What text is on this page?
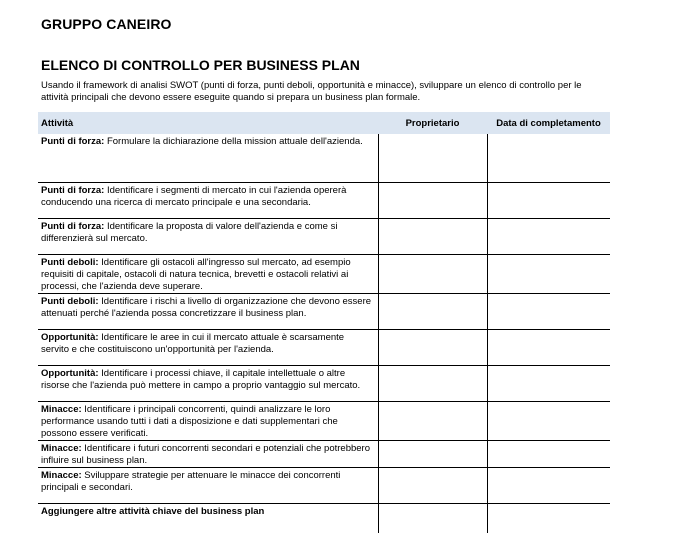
GRUPPO CANEIRO
ELENCO DI CONTROLLO PER BUSINESS PLAN
Usando il framework di analisi SWOT (punti di forza, punti deboli, opportunità e minacce), sviluppare un elenco di controllo per le attività principali che devono essere eseguite quando si prepara un business plan formale.
Attività	Proprietario	Data di completamento
Punti di forza: Formulare la dichiarazione della mission attuale dell'azienda.		
Punti di forza: Identificare i segmenti di mercato in cui l'azienda opererà conducendo una ricerca di mercato principale e una secondaria.		
Punti di forza: Identificare la proposta di valore dell'azienda e come si differenzierà sul mercato.		
Punti deboli: Identificare gli ostacoli all'ingresso sul mercato, ad esempio requisiti di capitale, ostacoli di natura tecnica, brevetti e ostacoli relativi ai processi, che l'azienda deve superare.		
Punti deboli: Identificare i rischi a livello di organizzazione che devono essere attenuati perché l'azienda possa concretizzare il business plan.		
Opportunità: Identificare le aree in cui il mercato attuale è scarsamente servito e che costituiscono un'opportunità per l'azienda.		
Opportunità: Identificare i processi chiave, il capitale intellettuale o altre risorse che l'azienda può mettere in campo a proprio vantaggio sul mercato.		
Minacce: Identificare i principali concorrenti, quindi analizzare le loro performance usando tutti i dati a disposizione e dati supplementari che possono essere verificati.		
Minacce: Identificare i futuri concorrenti secondari e potenziali che potrebbero influire sul business plan.		
Minacce: Sviluppare strategie per attenuare le minacce dei concorrenti principali e secondari.		
Aggiungere altre attività chiave del business plan		
